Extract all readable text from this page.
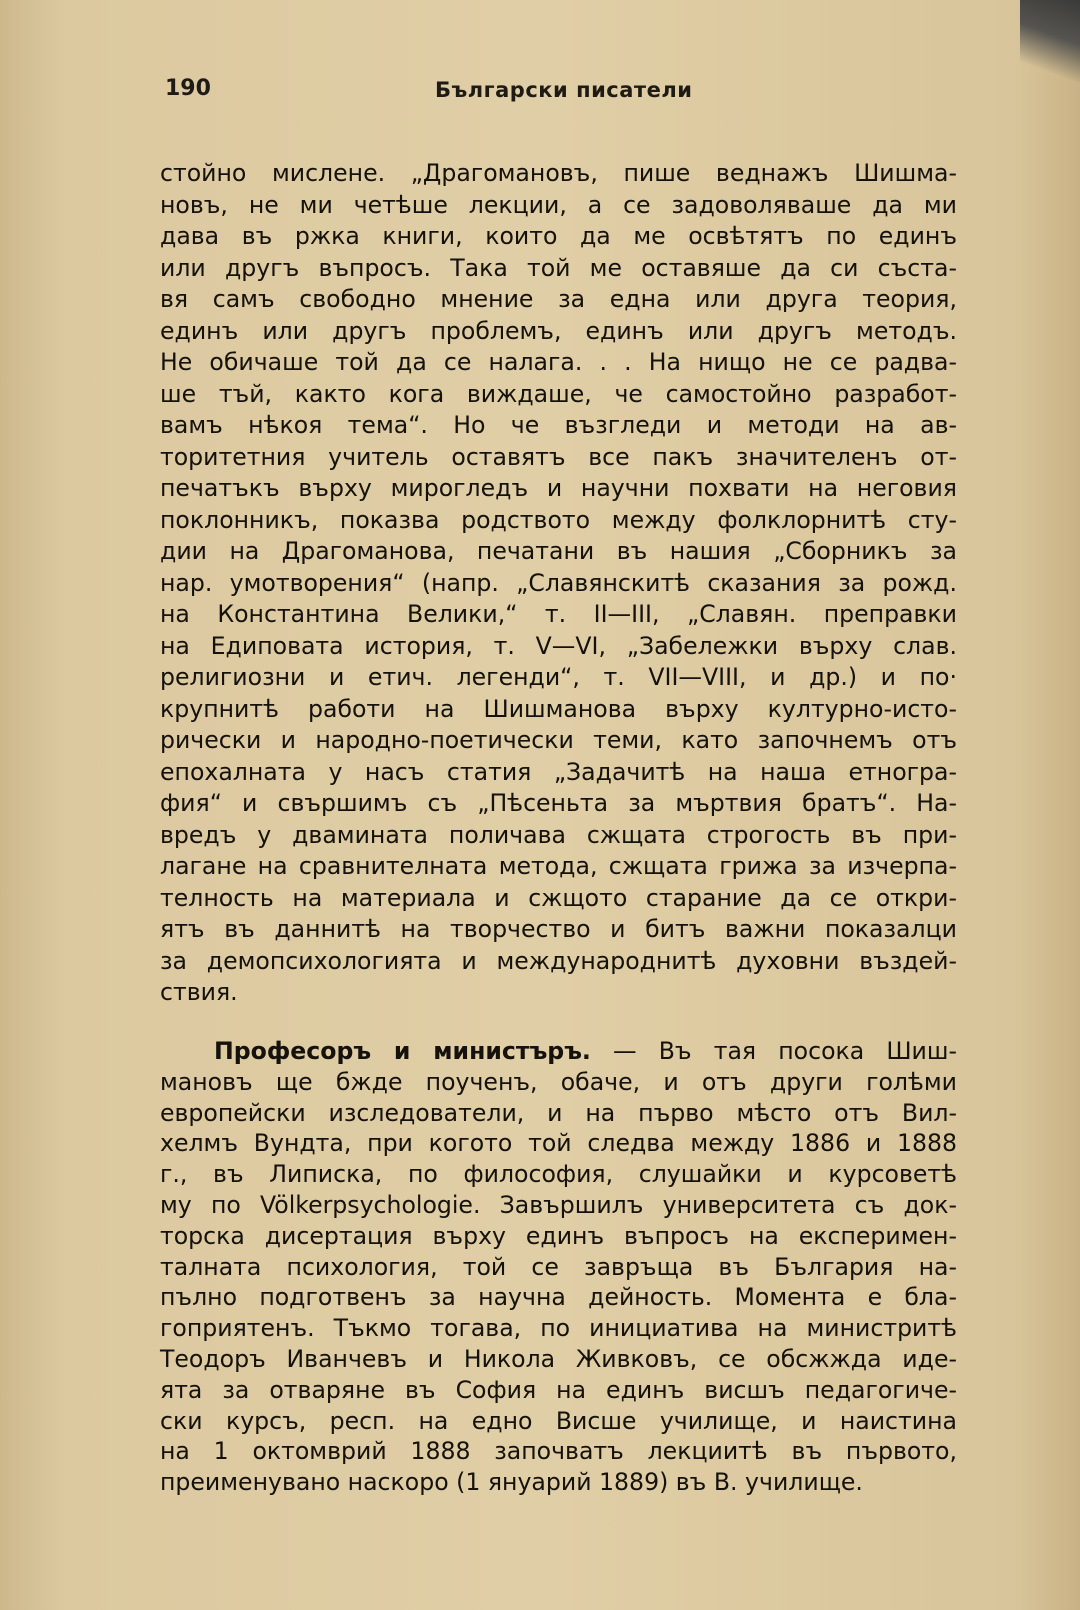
190	Български писатели
стойно мислене. „Драгомановъ, пише веднажъ Шишма-
новъ, не ми четѣше лекции, а се задоволяваше да ми
дава въ ржка книги, които да ме освѣтятъ по единъ
или другъ въпросъ. Така той ме оставяше да си съста-
вя самъ свободно мнение за една или друга теория,
единъ или другъ проблемъ, единъ или другъ методъ.
Не обичаше той да се налага. . . На нищо не се радва-
ше тъй, както кога виждаше, че самостойно разработ-
вамъ нѣкоя тема“. Но че възгледи и методи на ав-
торитетния учитель оставятъ все пакъ значителенъ от-
печатъкъ върху мирогледъ и научни похвати на неговия
поклонникъ, показва родството между фолклорнитѣ сту-
дии на Драгоманова, печатани въ нашия „Сборникъ за
нар. умотворения“ (напр. „Славянскитѣ сказания за рожд.
на Константина Велики,“ т. II—III, „Славян. преправки
на Едиповата история, т. V—VI, „Забележки върху слав.
религиозни и етич. легенди“, т. VII—VIII, и др.) и по·
крупнитѣ работи на Шишманова върху културно-исто-
рически и народно-поетически теми, като започнемъ отъ
епохалната у насъ статия „Задачитѣ на наша етногра-
фия“ и свършимъ съ „Пѣсеньта за мъртвия братъ“. На-
вредъ у двамината поличава сжщата строгость въ при-
лагане на сравнителната метода, сжщата грижа за изчерпа-
телность на материала и сжщото старание да се откри-
ятъ въ даннитѣ на творчество и битъ важни показалци
за демопсихологията и международнитѣ духовни въздей-
ствия.
Професоръ и министъръ. — Въ тая посока Шиш-
мановъ ще бжде поученъ, обаче, и отъ други голѣми
европейски изследователи, и на първо мѣсто отъ Вил-
хелмъ Вундта, при когото той следва между 1886 и 1888
г., въ Липиска, по философия, слушайки и курсоветѣ
му по Völkerpsychologie. Завършилъ университета съ док-
торска дисертация върху единъ въпросъ на експеримен-
талната психология, той се завръща въ България на-
пълно подготвенъ за научна дейность. Момента е бла-
гоприятенъ. Тъкмо тогава, по инициатива на министритѣ
Теодоръ Иванчевъ и Никола Живковъ, се обсжжда иде-
ята за отваряне въ София на единъ висшъ педагогиче-
ски курсъ, респ. на едно Висше училище, и наистина
на 1 октомврий 1888 започватъ лекциитѣ въ първото,
преименувано наскоро (1 януарий 1889) въ В. училище.
